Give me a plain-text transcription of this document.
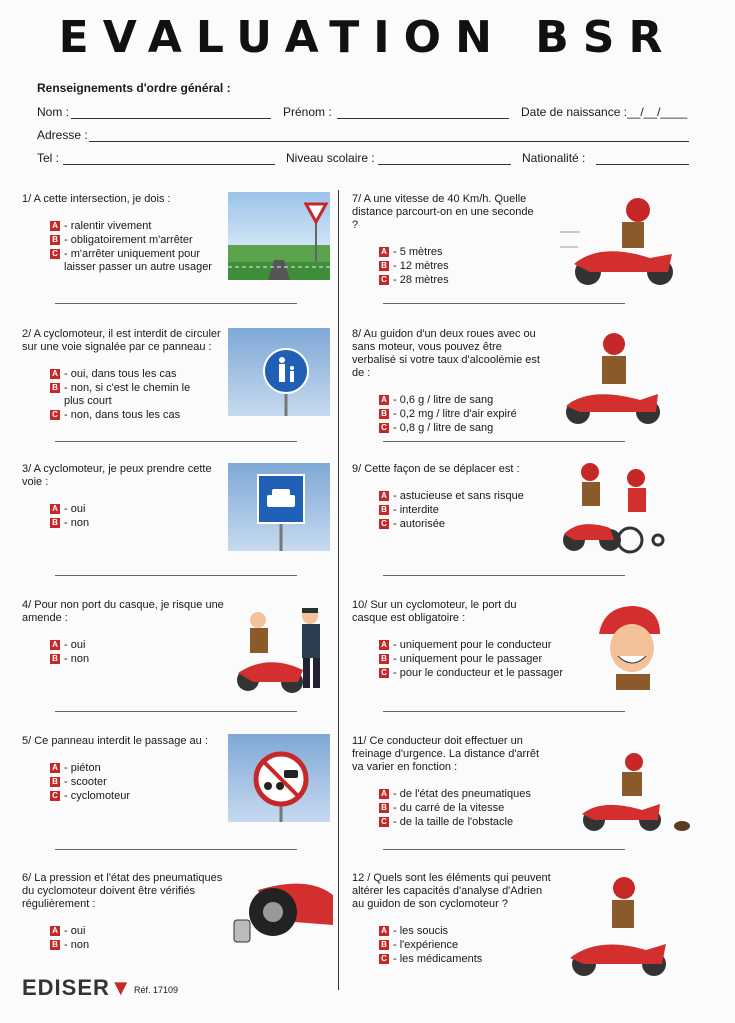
EVALUATION BSR
Renseignements d'ordre général :
Nom :	Prénom :	Date de naissance :__/__/____
Adresse :
Tel :	Niveau scolaire :	Nationalité :
1/ A cette intersection, je dois :
A - ralentir vivement
B - obligatoirement m'arrêter
C - m'arrêter uniquement pour laisser passer un autre usager
2/ A cyclomoteur, il est interdit de circuler sur une voie signalée par ce panneau :
A - oui, dans tous les cas
B - non, si c'est le chemin le plus court
C - non, dans tous les cas
3/ A cyclomoteur, je peux prendre cette voie :
A - oui
B - non
4/ Pour non port du casque, je risque une amende :
A - oui
B - non
5/ Ce panneau interdit le passage au :
A - piéton
B - scooter
C - cyclomoteur
6/ La pression et l'état des pneumatiques du cyclomoteur doivent être vérifiés régulièrement :
A - oui
B - non
7/ A une vitesse de 40 Km/h. Quelle distance parcourt-on en une seconde ?
A - 5 mètres
B - 12 mètres
C - 28 mètres
8/ Au guidon d'un deux roues avec ou sans moteur, vous pouvez être verbalisé si votre taux d'alcoolémie est de :
A - 0,6 g / litre de sang
B - 0,2 mg / litre d'air expiré
C - 0,8 g / litre de sang
9/ Cette façon de se déplacer est :
A - astucieuse et sans risque
B - interdite
C - autorisée
10/ Sur un cyclomoteur, le port du casque est obligatoire :
A - uniquement pour le conducteur
B - uniquement pour le passager
C - pour le conducteur et le passager
11/ Ce conducteur doit effectuer un freinage d'urgence. La distance d'arrêt va varier en fonction :
A - de l'état des pneumatiques
B - du carré de la vitesse
C - de la taille de l'obstacle
12 / Quels sont les éléments qui peuvent altérer les capacités d'analyse d'Adrien au guidon de son cyclomoteur ?
A - les soucis
B - l'expérience
C - les médicaments
EDISER▼ Réf. 17109
